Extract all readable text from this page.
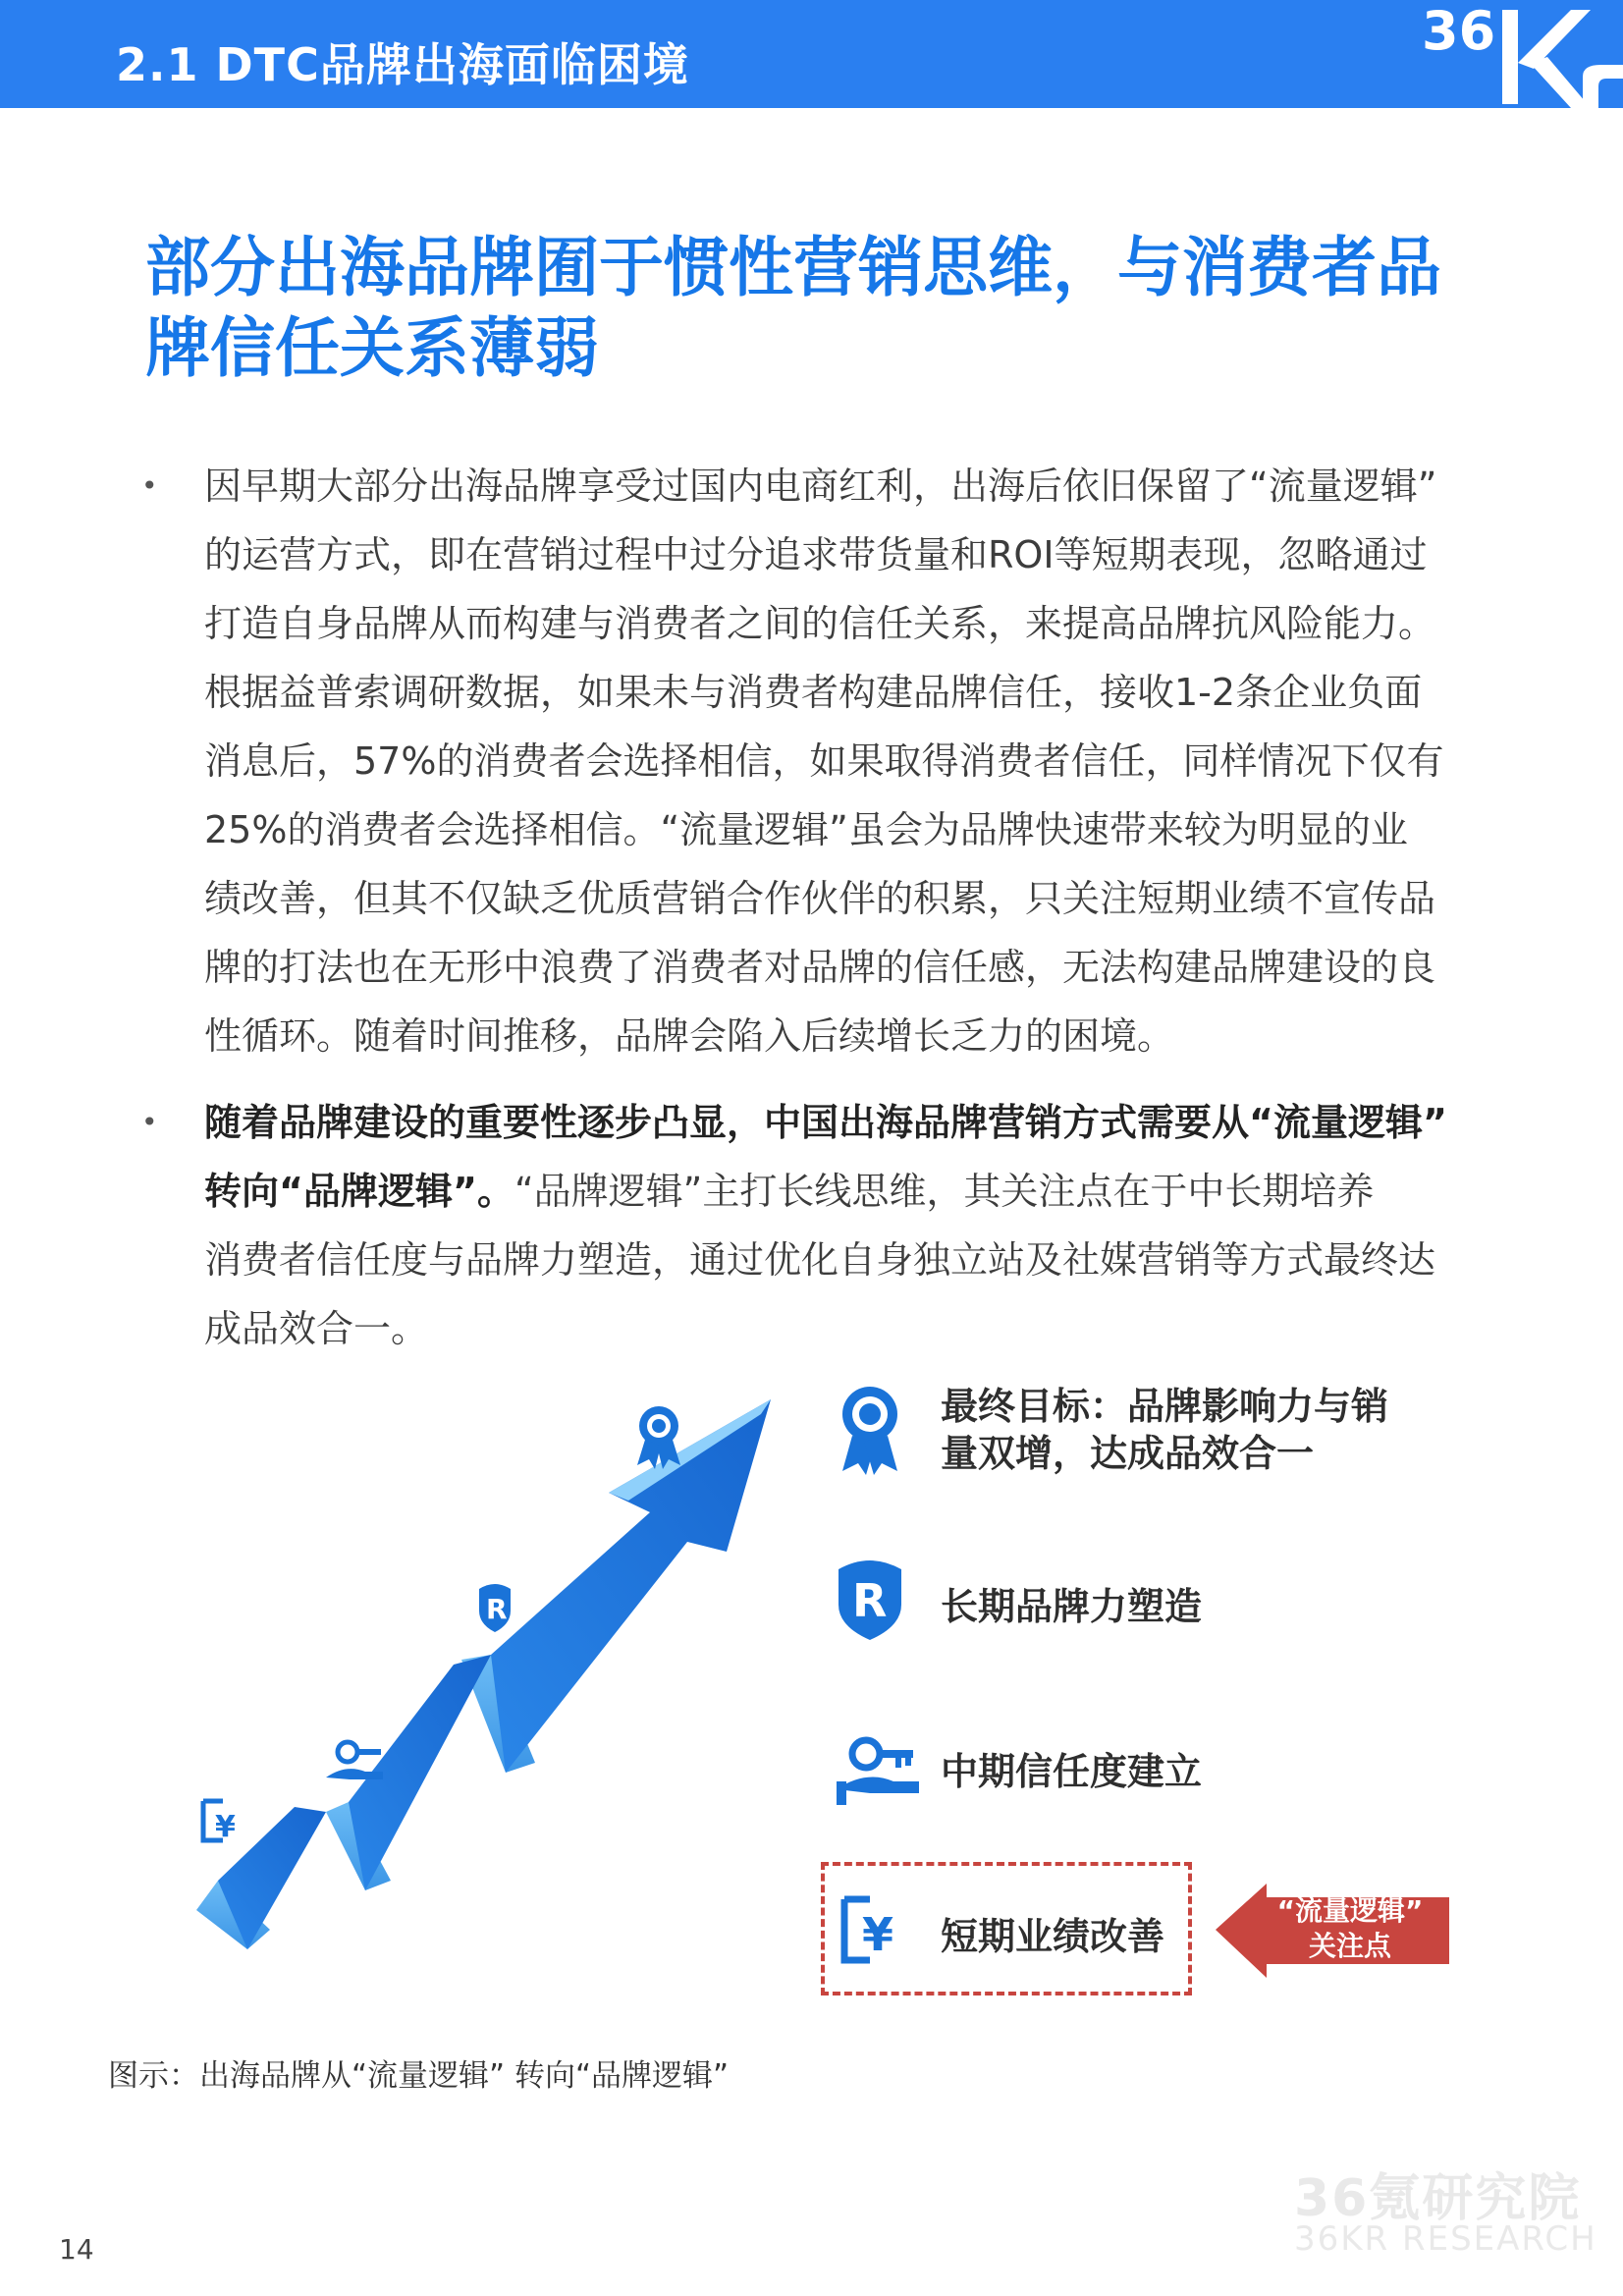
2.1 DTC品牌出海面临困境
36
部分出海品牌囿于惯性营销思维，与消费者品
牌信任关系薄弱
• 因早期大部分出海品牌享受过国内电商红利，出海后依旧保留了“流量逻辑”
的运营方式，即在营销过程中过分追求带货量和ROI等短期表现，忽略通过
打造自身品牌从而构建与消费者之间的信任关系，来提高品牌抗风险能力。
根据益普索调研数据，如果未与消费者构建品牌信任，接收1-2条企业负面
消息后，57%的消费者会选择相信，如果取得消费者信任，同样情况下仅有
25%的消费者会选择相信。“流量逻辑”虽会为品牌快速带来较为明显的业
绩改善，但其不仅缺乏优质营销合作伙伴的积累，只关注短期业绩不宣传品
牌的打法也在无形中浪费了消费者对品牌的信任感，无法构建品牌建设的良
性循环。随着时间推移，品牌会陷入后续增长乏力的困境。
• 随着品牌建设的重要性逐步凸显，中国出海品牌营销方式需要从“流量逻辑”
转向“品牌逻辑”。“品牌逻辑”主打长线思维，其关注点在于中长期培养
消费者信任度与品牌力塑造，通过优化自身独立站及社媒营销等方式最终达
成品效合一。
¥
R	R
¥
最终目标：品牌影响力与销
量双增，达成品效合一
长期品牌力塑造
中期信任度建立
短期业绩改善
“流量逻辑”
关注点
图示：出海品牌从“流量逻辑” 转向“品牌逻辑”
36氪研究院
36KR RESEARCH
14
